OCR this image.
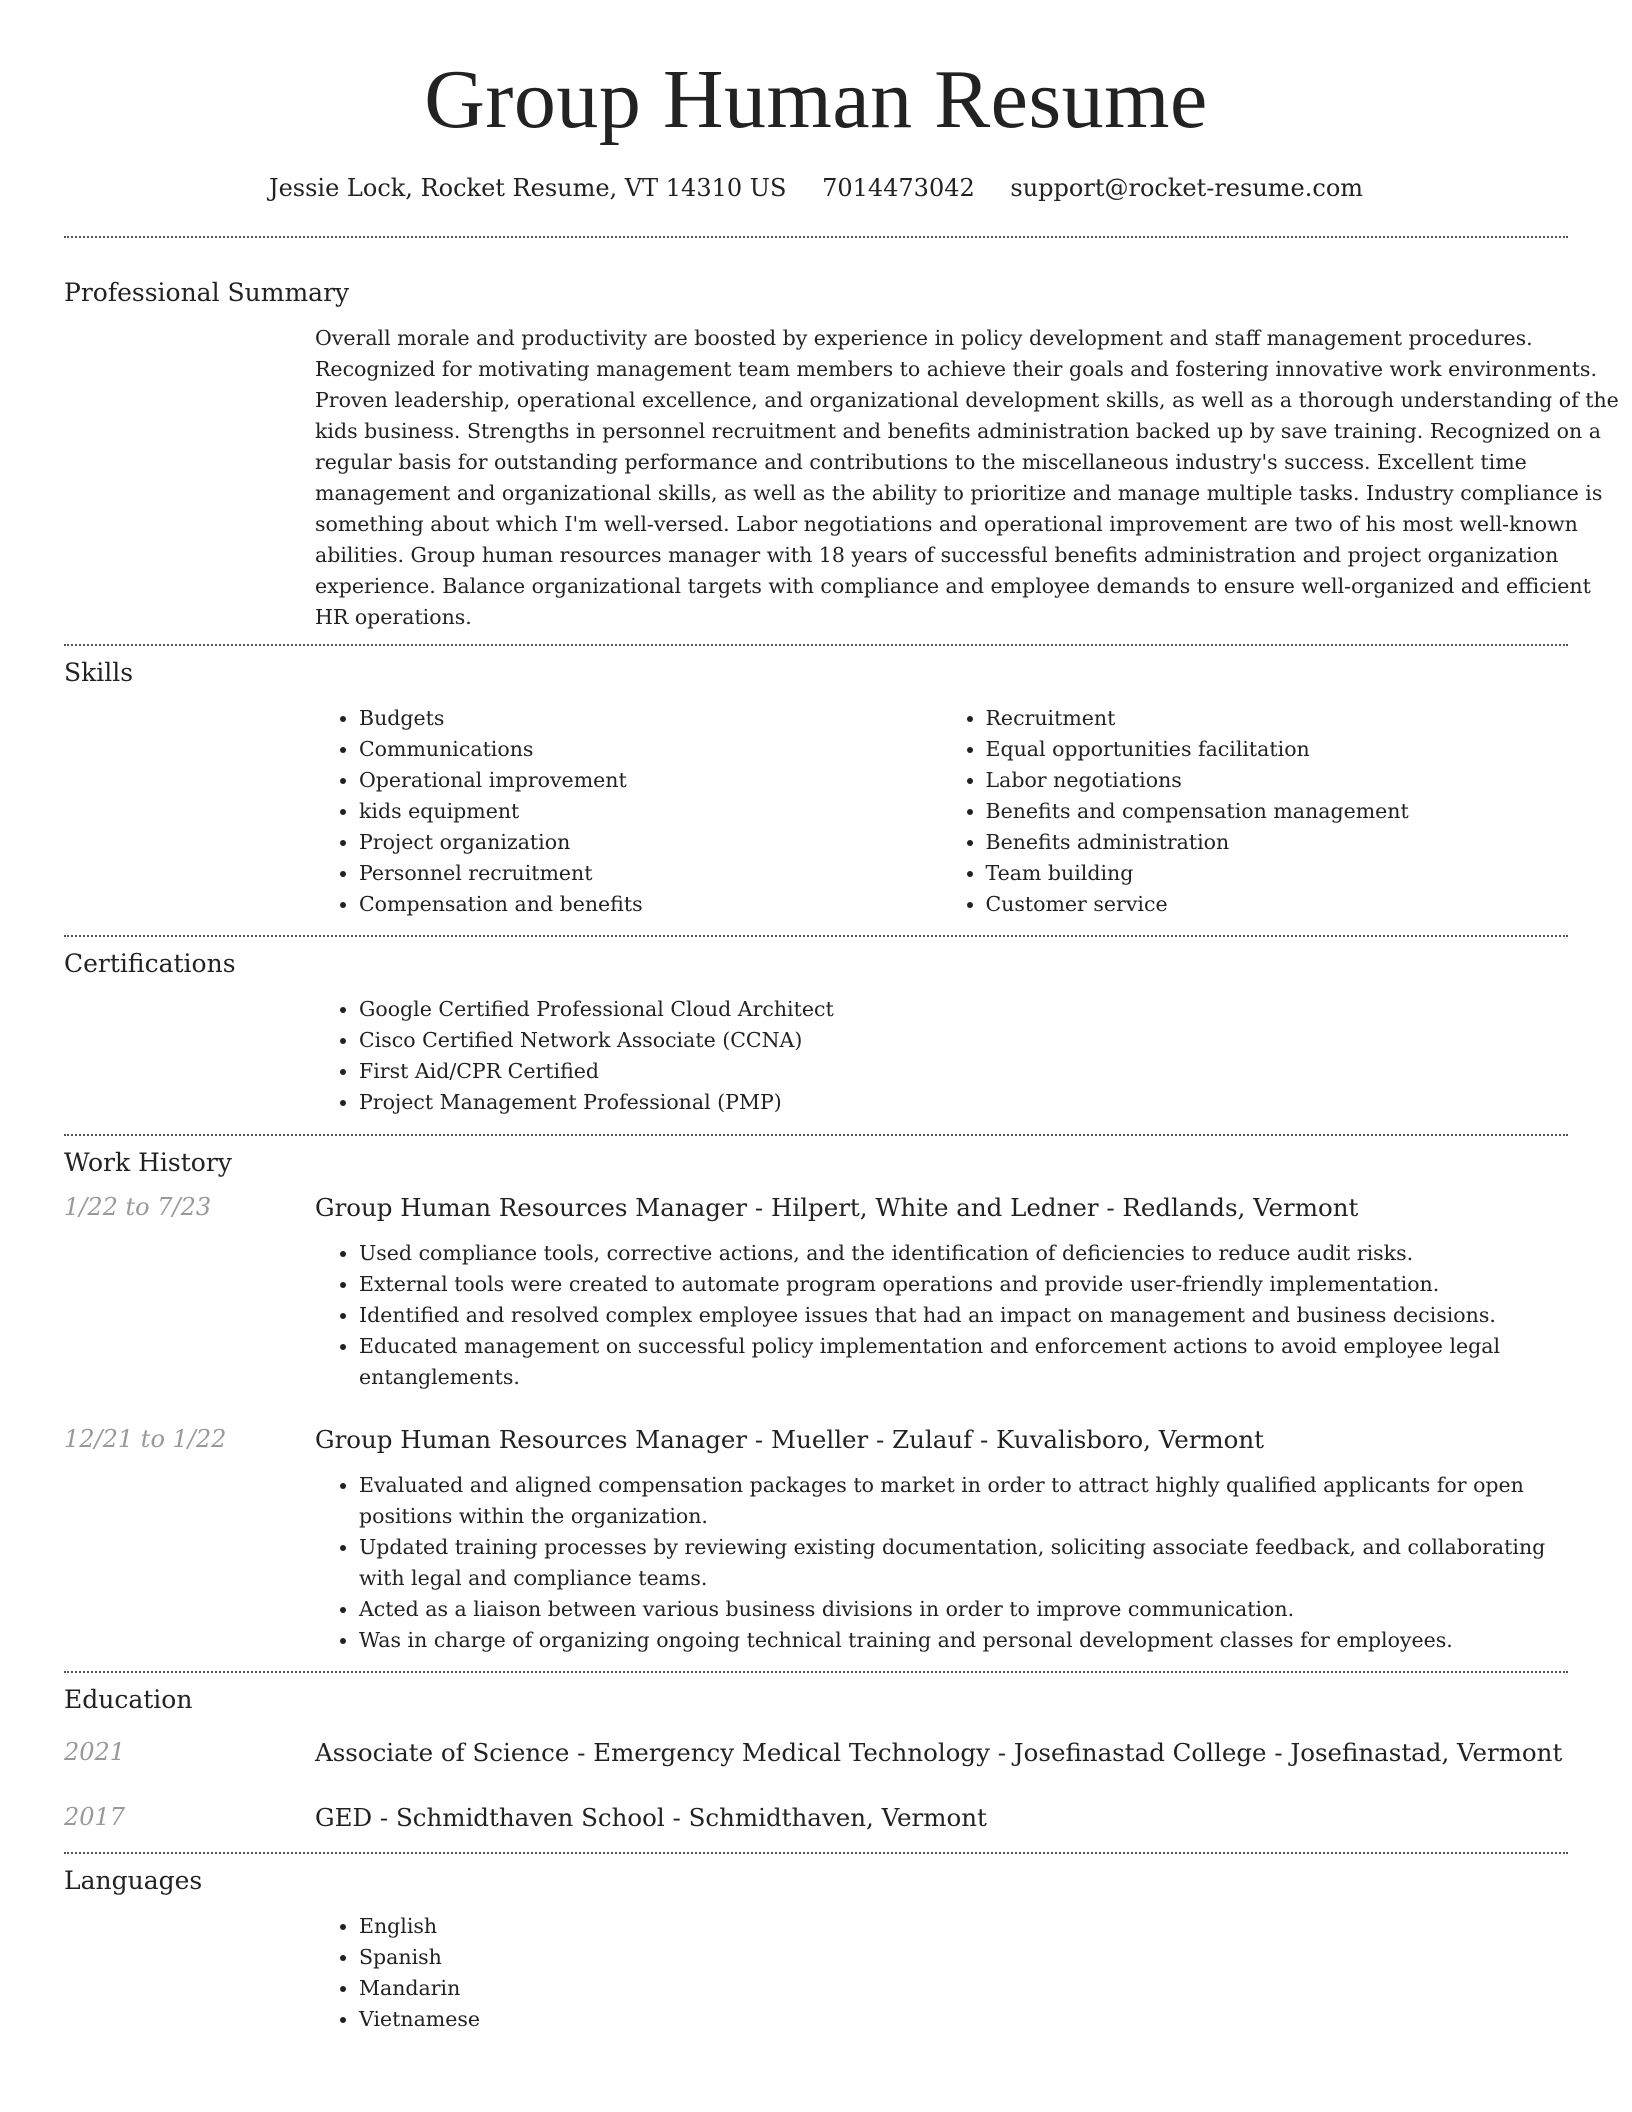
Group Human Resume
Jessie Lock, Rocket Resume, VT 14310 US 7014473042 support@rocket-resume.com
Professional Summary

Overall morale and productivity are boosted by experience in policy development and staff management procedures. Recognized for motivating management team members to achieve their goals and fostering innovative work environments. Proven leadership, operational excellence, and organizational development skills, as well as a thorough understanding of the kids business. Strengths in personnel recruitment and benefits administration backed up by save training. Recognized on a regular basis for outstanding performance and contributions to the miscellaneous industry's success. Excellent time management and organizational skills, as well as the ability to prioritize and manage multiple tasks. Industry compliance is something about which I'm well-versed. Labor negotiations and operational improvement are two of his most well-known abilities. Group human resources manager with 18 years of successful benefits administration and project organization experience. Balance organizational targets with compliance and employee demands to ensure well-organized and efficient HR operations.

Skills
• Budgets
• Communications
• Operational improvement
• kids equipment
• Project organization
• Personnel recruitment
• Compensation and benefits
• Recruitment
• Equal opportunities facilitation
• Labor negotiations
• Benefits and compensation management
• Benefits administration
• Team building
• Customer service
Certifications
• Google Certified Professional Cloud Architect
• Cisco Certified Network Associate (CCNA)
• First Aid/CPR Certified
• Project Management Professional (PMP)
Work History
1/22 to 7/23	Group Human Resources Manager - Hilpert, White and Ledner - Redlands, Vermont
• Used compliance tools, corrective actions, and the identification of deficiencies to reduce audit risks.
• External tools were created to automate program operations and provide user-friendly implementation.
• Identified and resolved complex employee issues that had an impact on management and business decisions.
• Educated management on successful policy implementation and enforcement actions to avoid employee legal entanglements.
12/21 to 1/22	Group Human Resources Manager - Mueller - Zulauf - Kuvalisboro, Vermont
• Evaluated and aligned compensation packages to market in order to attract highly qualified applicants for open positions within the organization.
• Updated training processes by reviewing existing documentation, soliciting associate feedback, and collaborating with legal and compliance teams.
• Acted as a liaison between various business divisions in order to improve communication.
• Was in charge of organizing ongoing technical training and personal development classes for employees.
Education
2021	Associate of Science - Emergency Medical Technology - Josefinastad College - Josefinastad, Vermont
2017	GED - Schmidthaven School - Schmidthaven, Vermont
Languages
• English
• Spanish
• Mandarin
• Vietnamese
